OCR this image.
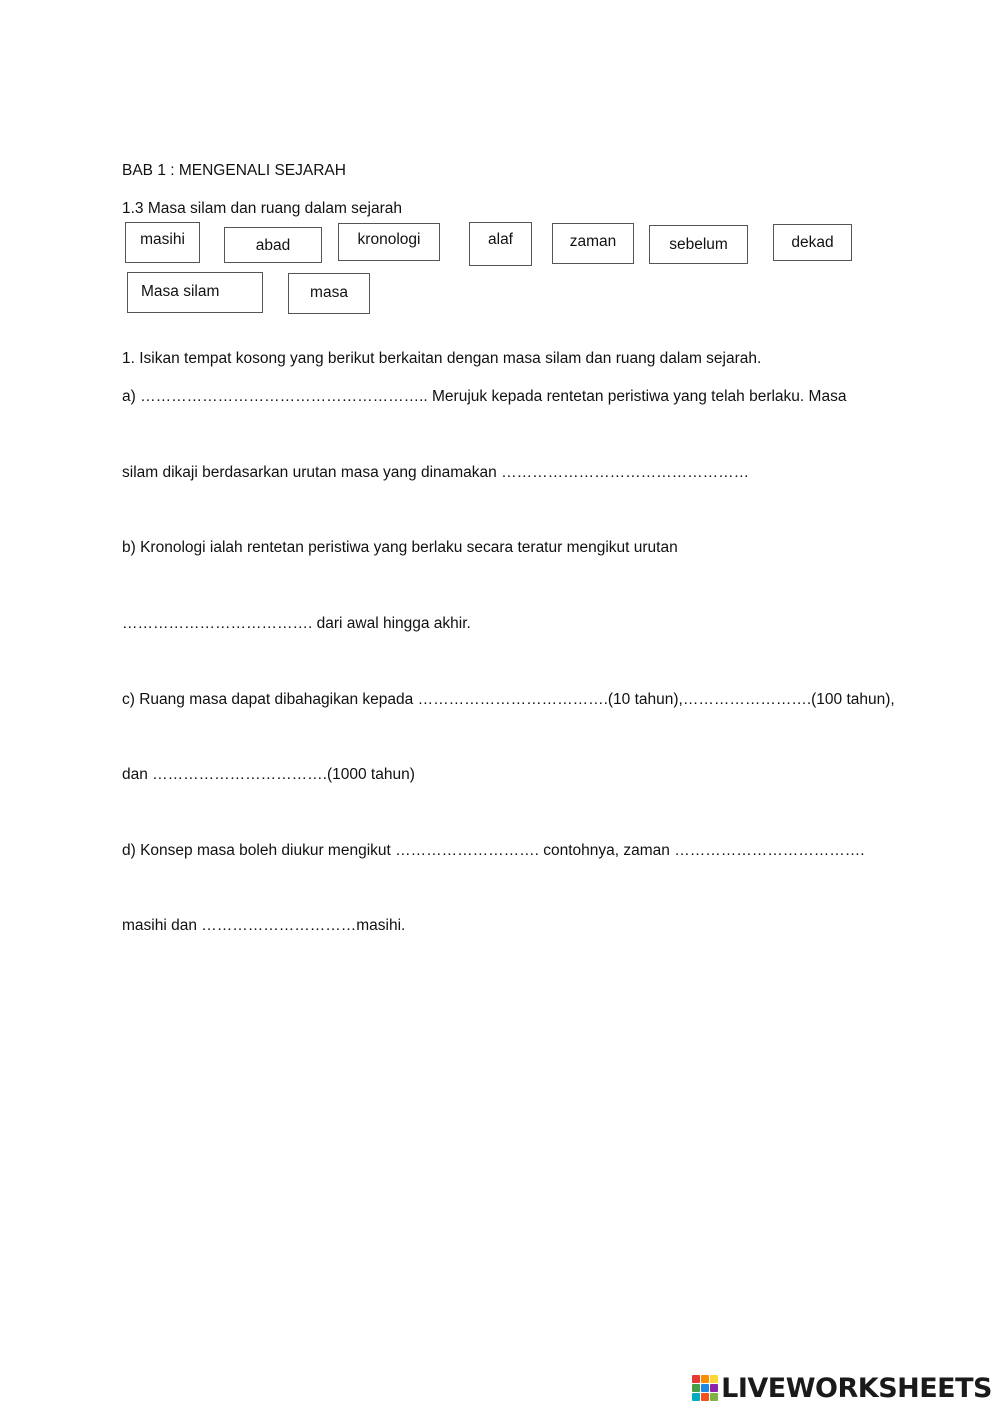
BAB 1 : MENGENALI SEJARAH
1.3 Masa silam dan ruang dalam sejarah
masihi	abad	kronologi	alaf	zaman	sebelum	dekad
Masa silam	masa
1. Isikan tempat kosong yang berikut berkaitan dengan masa silam dan ruang dalam sejarah.
a) ……………………………………………….. Merujuk kepada rentetan peristiwa yang telah berlaku. Masa
silam dikaji berdasarkan urutan masa yang dinamakan …………………………………………
b) Kronologi ialah rentetan peristiwa yang berlaku secara teratur mengikut urutan
………………………………. dari awal hingga akhir.
c) Ruang masa dapat dibahagikan kepada ……………………………….(10 tahun),…………………….(100 tahun),
dan …………………………….(1000 tahun)
d) Konsep masa boleh diukur mengikut ………………………. contohnya, zaman ……………………………….
masihi dan …………………………masihi.
LIVEWORKSHEETS
